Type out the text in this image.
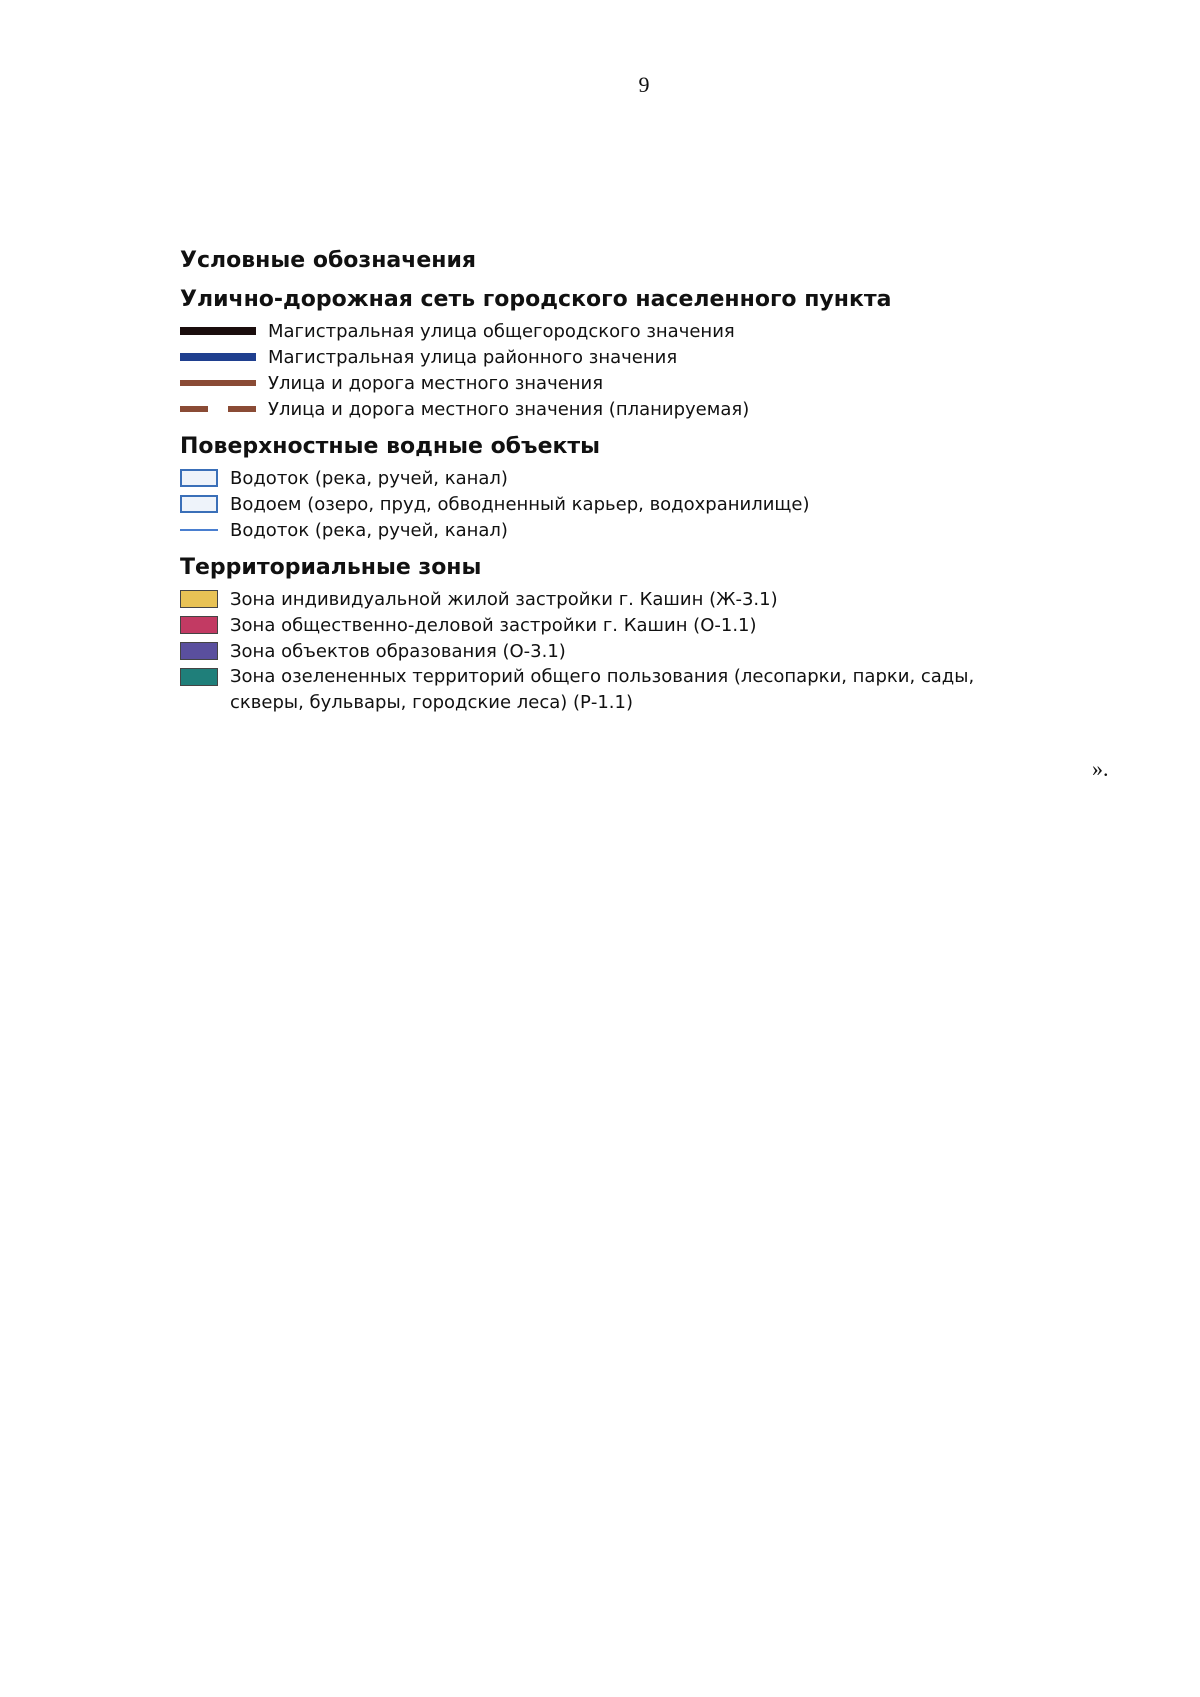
9
Условные обозначения
Улично-дорожная сеть городского населенного пункта
Магистральная улица общегородского значения
Магистральная улица районного значения
Улица и дорога местного значения
Улица и дорога местного значения (планируемая)
Поверхностные водные объекты
Водоток (река, ручей, канал)
Водоем (озеро, пруд, обводненный карьер, водохранилище)
Водоток (река, ручей, канал)
Территориальные зоны
Зона индивидуальной жилой застройки г. Кашин (Ж-3.1)
Зона общественно-деловой застройки г. Кашин (О-1.1)
Зона объектов образования (О-3.1)
Зона озелененных территорий общего пользования (лесопарки, парки, сады, скверы, бульвары, городские леса) (Р-1.1)
».
